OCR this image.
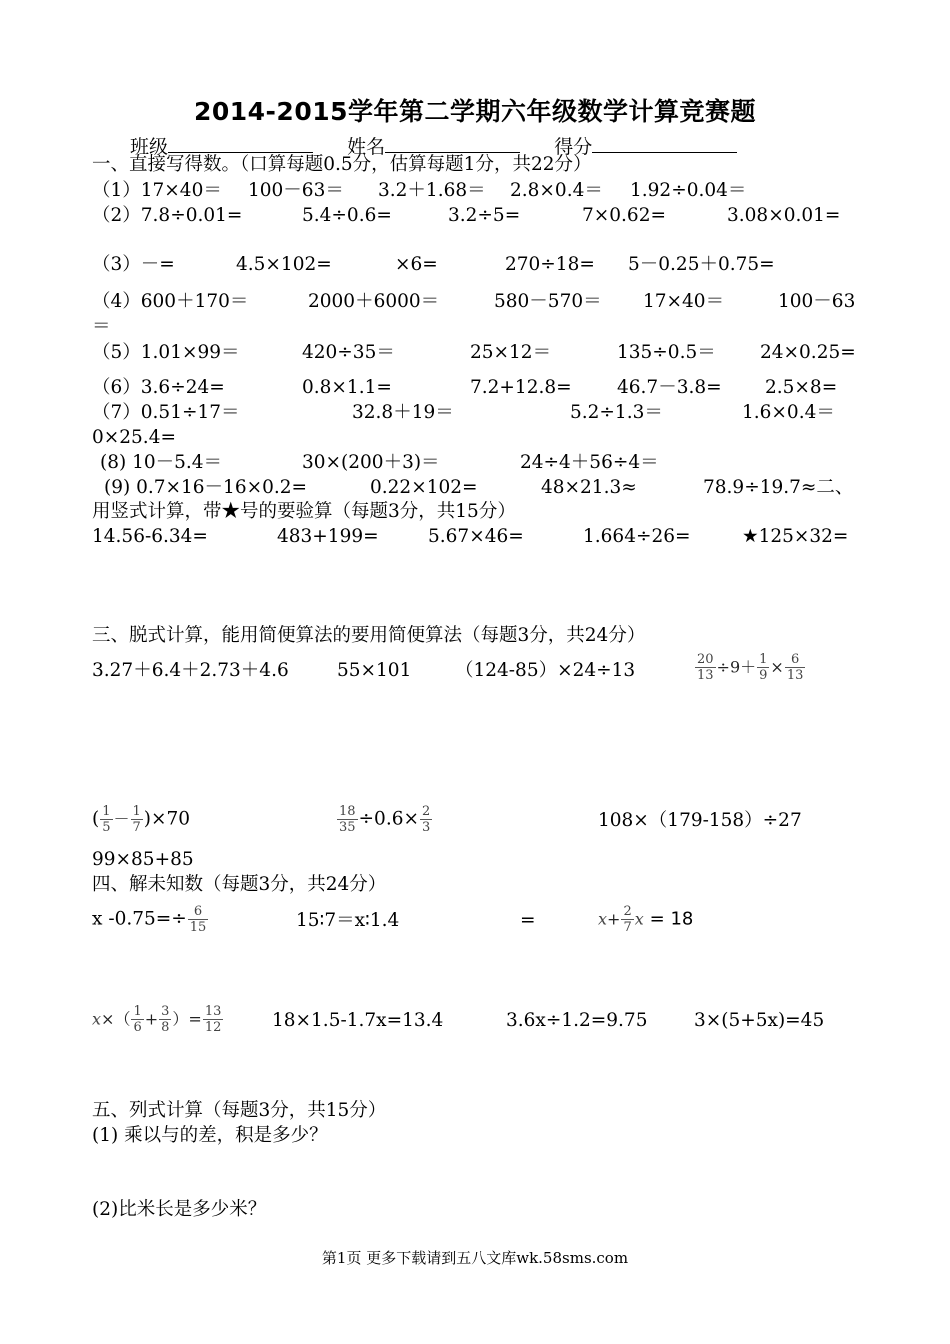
2014-2015学年第二学期六年级数学计算竞赛题
班级	姓名	得分
一、直接写得数。（口算每题0.5分，估算每题1分，共22分）
（1）17×40＝ 100－63＝ 3.2＋1.68＝ 2.8×0.4＝ 1.92÷0.04＝
（2）7.8÷0.01=	5.4÷0.6=	3.2÷5=	7×0.62=	3.08×0.01=
（3）－=	4.5×102=	×6=	270÷18= 5－0.25＋0.75=
（4）600＋170＝	2000＋6000＝	580－570＝ 17×40＝	100－63
＝
（5）1.01×99＝	420÷35＝	25×12＝	135÷0.5＝ 24×0.25=
（6）3.6÷24=	0.8×1.1=	7.2+12.8= 46.7－3.8= 2.5×8=
（7）0.51÷17＝	32.8＋19＝	5.2÷1.3＝	1.6×0.4＝
0×25.4=
(8) 10－5.4＝	30×(200＋3)＝	24÷4＋56÷4＝
(9) 0.7×16－16×0.2=	0.22×102=	48×21.3≈	78.9÷19.7≈二、
用竖式计算，带★号的要验算（每题3分，共15分）
14.56-6.34=	483+199=	5.67×46=	1.664÷26=	★125×32=
三、脱式计算，能用简便算法的要用简便算法（每题3分，共24分）
3.27＋6.4＋2.73＋4.6	55×101 （124-85）×24÷13	$\frac{20}{13} \div 9+ \frac{1}{9} \times \frac{6}{13}$
( $\frac{1}{5} - \frac{1}{7} )\times 70$	$\frac{18}{35} \div 0.6\times \frac{2}{3}$	108×（179-158）÷27
99×85+85
四、解未知数（每题3分，共24分）
x $-0.75=\div \frac{6}{15}$	15∶7＝x∶1.4	=	$x+ \frac{2}{7}$ x = 18
$x\times( \frac{1}{6} + \frac{3}{8}$ ）= $\frac{13}{12}$	18×1.5-1.7x=13.4	3.6x÷1.2=9.75	3×(5+5x)=45
五、列式计算（每题3分，共15分）
(1) 乘以与的差，积是多少？
(2)比米长是多少米？
第1页 更多下载请到五八文库wk.58sms.com
